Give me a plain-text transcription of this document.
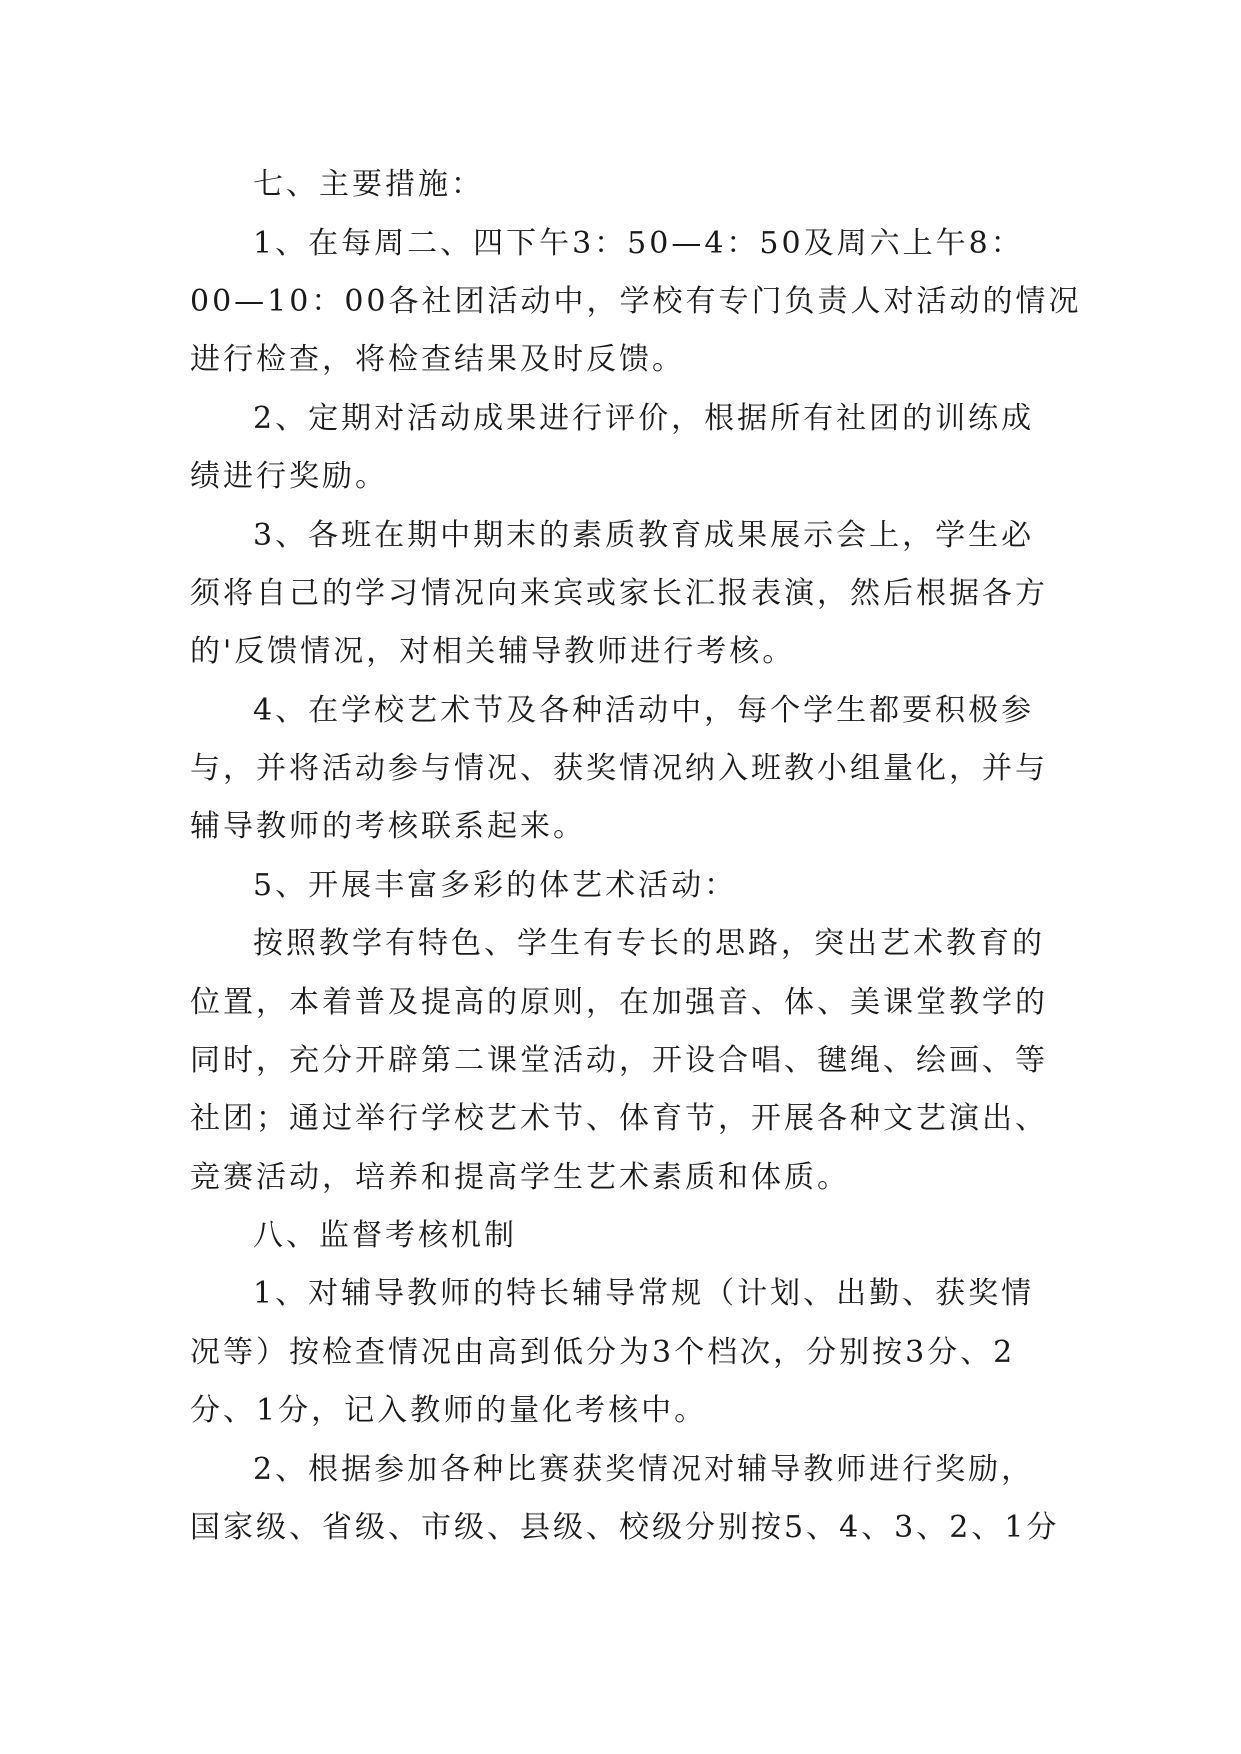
七、主要措施：
1、在每周二、四下午3：50—4：50及周六上午8：
00—10：00各社团活动中，学校有专门负责人对活动的情况
进行检查，将检查结果及时反馈。
2、定期对活动成果进行评价，根据所有社团的训练成
绩进行奖励。
3、各班在期中期末的素质教育成果展示会上，学生必
须将自己的学习情况向来宾或家长汇报表演，然后根据各方
的'反馈情况，对相关辅导教师进行考核。
4、在学校艺术节及各种活动中，每个学生都要积极参
与，并将活动参与情况、获奖情况纳入班教小组量化，并与
辅导教师的考核联系起来。
5、开展丰富多彩的体艺术活动：
按照教学有特色、学生有专长的思路，突出艺术教育的
位置，本着普及提高的原则，在加强音、体、美课堂教学的
同时，充分开辟第二课堂活动，开设合唱、毽绳、绘画、等
社团；通过举行学校艺术节、体育节，开展各种文艺演出、
竞赛活动，培养和提高学生艺术素质和体质。
八、监督考核机制
1、对辅导教师的特长辅导常规（计划、出勤、获奖情
况等）按检查情况由高到低分为3个档次，分别按3分、2
分、1分，记入教师的量化考核中。
2、根据参加各种比赛获奖情况对辅导教师进行奖励，
国家级、省级、市级、县级、校级分别按5、4、3、2、1分
